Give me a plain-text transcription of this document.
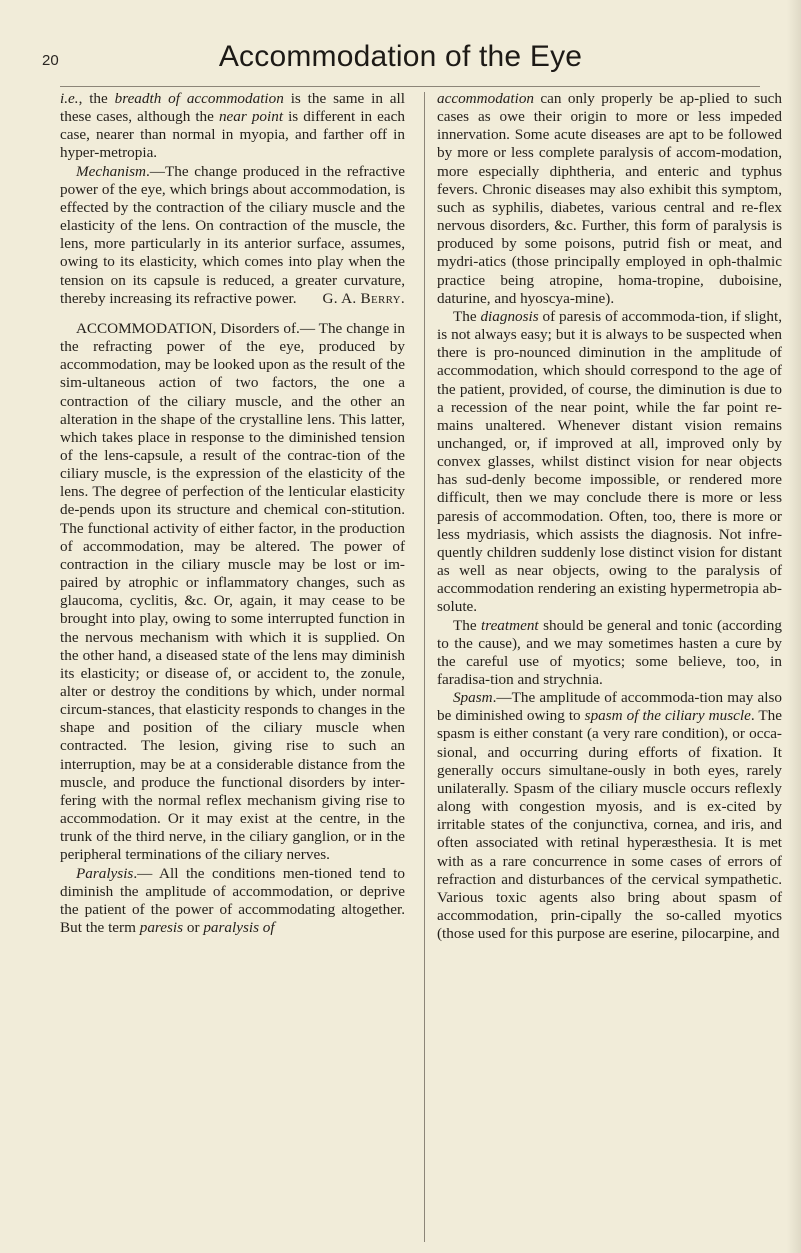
20	Accommodation of the Eye

i.e., the breadth of accommodation is the same in all these cases, although the near point is different in each case, nearer than normal in myopia, and farther off in hyper-metropia.

Mechanism.—The change produced in the refractive power of the eye, which brings about accommodation, is effected by the contraction of the ciliary muscle and the elasticity of the lens. On contraction of the muscle, the lens, more particularly in its anterior surface, assumes, owing to its elasticity, which comes into play when the tension on its capsule is reduced, a greater curvature, thereby increasing its refractive power.	G. A. Berry.

ACCOMMODATION, Disorders of.— The change in the refracting power of the eye, produced by accommodation, may be looked upon as the result of the sim-ultaneous action of two factors, the one a contraction of the ciliary muscle, and the other an alteration in the shape of the crystalline lens. This latter, which takes place in response to the diminished tension of the lens-capsule, a result of the contrac-tion of the ciliary muscle, is the expression of the elasticity of the lens. The degree of perfection of the lenticular elasticity de-pends upon its structure and chemical con-stitution. The functional activity of either factor, in the production of accommodation, may be altered. The power of contraction in the ciliary muscle may be lost or im-paired by atrophic or inflammatory changes, such as glaucoma, cyclitis, &c. Or, again, it may cease to be brought into play, owing to some interrupted function in the nervous mechanism with which it is supplied. On the other hand, a diseased state of the lens may diminish its elasticity; or disease of, or accident to, the zonule, alter or destroy the conditions by which, under normal circum-stances, that elasticity responds to changes in the shape and position of the ciliary muscle when contracted. The lesion, giving rise to such an interruption, may be at a considerable distance from the muscle, and produce the functional disorders by inter-fering with the normal reflex mechanism giving rise to accommodation. Or it may exist at the centre, in the trunk of the third nerve, in the ciliary ganglion, or in the peripheral terminations of the ciliary nerves.

Paralysis.— All the conditions men-tioned tend to diminish the amplitude of accommodation, or deprive the patient of the power of accommodating altogether. But the term paresis or paralysis of

accommodation can only properly be ap-plied to such cases as owe their origin to more or less impeded innervation. Some acute diseases are apt to be followed by more or less complete paralysis of accom-modation, more especially diphtheria, and enteric and typhus fevers. Chronic diseases may also exhibit this symptom, such as syphilis, diabetes, various central and re-flex nervous disorders, &c. Further, this form of paralysis is produced by some poisons, putrid fish or meat, and mydri-atics (those principally employed in oph-thalmic practice being atropine, homa-tropine, duboisine, daturine, and hyoscya-mine).

The diagnosis of paresis of accommoda-tion, if slight, is not always easy; but it is always to be suspected when there is pro-nounced diminution in the amplitude of accommodation, which should correspond to the age of the patient, provided, of course, the diminution is due to a recession of the near point, while the far point re-mains unaltered. Whenever distant vision remains unchanged, or, if improved at all, improved only by convex glasses, whilst distinct vision for near objects has sud-denly become impossible, or rendered more difficult, then we may conclude there is more or less paresis of accommodation. Often, too, there is more or less mydriasis, which assists the diagnosis. Not infre-quently children suddenly lose distinct vision for distant as well as near objects, owing to the paralysis of accommodation rendering an existing hypermetropia ab-solute.

The treatment should be general and tonic (according to the cause), and we may sometimes hasten a cure by the careful use of myotics; some believe, too, in faradisa-tion and strychnia.

Spasm.—The amplitude of accommoda-tion may also be diminished owing to spasm of the ciliary muscle. The spasm is either constant (a very rare condition), or occa-sional, and occurring during efforts of fixation. It generally occurs simultane-ously in both eyes, rarely unilaterally. Spasm of the ciliary muscle occurs reflexly along with congestion myosis, and is ex-cited by irritable states of the conjunctiva, cornea, and iris, and often associated with retinal hyperæsthesia. It is met with as a rare concurrence in some cases of errors of refraction and disturbances of the cervical sympathetic. Various toxic agents also bring about spasm of accommodation, prin-cipally the so-called myotics (those used for this purpose are eserine, pilocarpine, and
